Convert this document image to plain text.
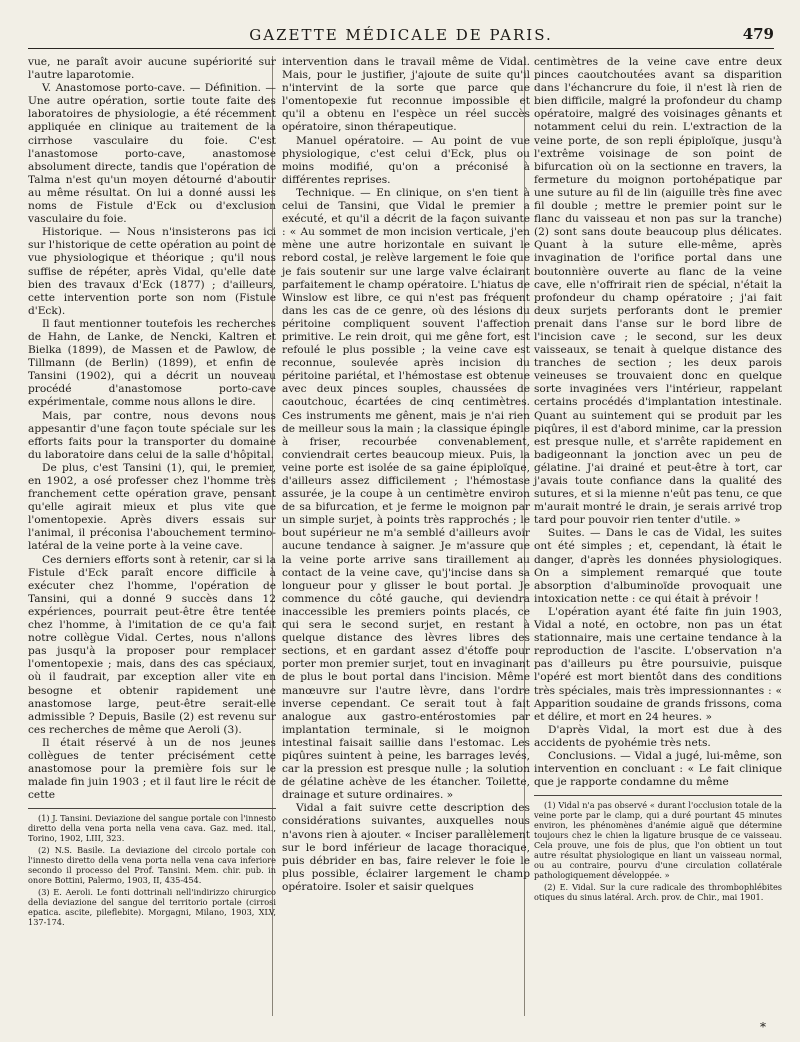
GAZETTE MÉDICALE DE PARIS.	479

vue, ne paraît avoir aucune supériorité sur l'autre laparotomie.

V. Anastomose porto-cave. — Définition. — Une autre opération, sortie toute faite des laboratoires de physiologie, a été récemment appliquée en clinique au traitement de la cirrhose vasculaire du foie. C'est l'anastomose porto-cave, anastomose absolument directe, tandis que l'opération de Talma n'est qu'un moyen détourné d'aboutir au même résultat. On lui a donné aussi les noms de Fistule d'Eck ou d'exclusion vasculaire du foie.

Historique. — Nous n'insisterons pas ici sur l'historique de cette opération au point de vue physiologique et théorique ; qu'il nous suffise de répéter, après Vidal, qu'elle date bien des travaux d'Eck (1877) ; d'ailleurs, cette intervention porte son nom (Fistule d'Eck).

Il faut mentionner toutefois les recherches de Hahn, de Lanke, de Nencki, Kaltren et Bielka (1899), de Massen et de Pawlow, de Tillmann (de Berlin) (1899), et enfin de Tansini (1902), qui a décrit un nouveau procédé d'anastomose porto-cave expérimentale, comme nous allons le dire.

Mais, par contre, nous devons nous appesantir d'une façon toute spéciale sur les efforts faits pour la transporter du domaine du laboratoire dans celui de la salle d'hôpital.

De plus, c'est Tansini (1), qui, le premier, en 1902, a osé professer chez l'homme très franchement cette opération grave, pensant qu'elle agirait mieux et plus vite que l'omentopexie. Après divers essais sur l'animal, il préconisa l'abouchement termino-latéral de la veine porte à la veine cave.

Ces derniers efforts sont à retenir, car si la Fistule d'Eck paraît encore difficile à exécuter chez l'homme, l'opération de Tansini, qui a donné 9 succès dans 12 expériences, pourrait peut-être être tentée chez l'homme, à l'imitation de ce qu'a fait notre collègue Vidal. Certes, nous n'allons pas jusqu'à la proposer pour remplacer l'omentopexie ; mais, dans des cas spéciaux, où il faudrait, par exception aller vite en besogne et obtenir rapidement une anastomose large, peut-être serait-elle admissible ? Depuis, Basile (2) est revenu sur ces recherches de même que Aeroli (3).

Il était réservé à un de nos jeunes collègues de tenter précisément cette anastomose pour la première fois sur le malade fin juin 1903 ; et il faut lire le récit de cette

(1) J. Tansini. Deviazione del sangue portale con l'innesto diretto della vena porta nella vena cava. Gaz. med. ital., Torino, 1902, LIII, 323.

(2) N.S. Basile. La deviazione del circolo portale con l'innesto diretto della vena porta nella vena cava inferiore secondo il processo del Prof. Tansini. Mem. chir. pub. in onore Bottini, Palermo, 1903, II, 435-454.

(3) E. Aeroli. Le fonti dottrinali nell'indirizzo chirurgico della deviazione del sangue del territorio portale (cirrosi epatica. ascite, pileflebite). Morgagni, Milano, 1903, XLV, 137-174.

intervention dans le travail même de Vidal. Mais, pour le justifier, j'ajoute de suite qu'il n'intervint de la sorte que parce que l'omentopexie fut reconnue impossible et qu'il a obtenu en l'espèce un réel succès opératoire, sinon thérapeutique.

Manuel opératoire. — Au point de vue physiologique, c'est celui d'Eck, plus ou moins modifié, qu'on a préconisé à différentes reprises.

Technique. — En clinique, on s'en tient à celui de Tansini, que Vidal le premier a exécuté, et qu'il a décrit de la façon suivante : « Au sommet de mon incision verticale, j'en mène une autre horizontale en suivant le rebord costal, je relève largement le foie que je fais soutenir sur une large valve éclairant parfaitement le champ opératoire. L'hiatus de Winslow est libre, ce qui n'est pas fréquent dans les cas de ce genre, où des lésions du péritoine compliquent souvent l'affection primitive. Le rein droit, qui me gêne fort, est refoulé le plus possible ; la veine cave est reconnue, soulevée après incision du péritoine pariétal, et l'hémostase est obtenue avec deux pinces souples, chaussées de caoutchouc, écartées de cinq centimètres. Ces instruments me gênent, mais je n'ai rien de meilleur sous la main ; la classique épingle à friser, recourbée convenablement, conviendrait certes beaucoup mieux. Puis, la veine porte est isolée de sa gaine épiploïque, d'ailleurs assez difficilement ; l'hémostase assurée, je la coupe à un centimètre environ de sa bifurcation, et je ferme le moignon par un simple surjet, à points très rapprochés ; le bout supérieur ne m'a semblé d'ailleurs avoir aucune tendance à saigner. Je m'assure que la veine porte arrive sans tiraillement au contact de la veine cave, qu'j'incise dans sa longueur pour y glisser le bout portal. Je commence du côté gauche, qui deviendra inaccessible les premiers points placés, ce qui sera le second surjet, en restant à quelque distance des lèvres libres des sections, et en gardant assez d'étoffe pour porter mon premier surjet, tout en invaginant de plus le bout portal dans l'incision. Même manœuvre sur l'autre lèvre, dans l'ordre inverse cependant. Ce serait tout à fait analogue aux gastro-entérostomies par implantation terminale, si le moignon intestinal faisait saillie dans l'estomac. Les piqûres suintent à peine, les barrages levés, car la pression est presque nulle ; la solution de gélatine achève de les étancher. Toilette, drainage et suture ordinaires. »

Vidal a fait suivre cette description des considérations suivantes, auxquelles nous n'avons rien à ajouter. « Inciser parallèlement sur le bord inférieur de lacage thoracique, puis débrider en bas, faire relever le foie le plus possible, éclairer largement le champ opératoire. Isoler et saisir quelques

centimètres de la veine cave entre deux pinces caoutchoutées avant sa disparition dans l'échancrure du foie, il n'est là rien de bien difficile, malgré la profondeur du champ opératoire, malgré des voisinages gênants et notamment celui du rein. L'extraction de la veine porte, de son repli épiploïque, jusqu'à l'extrême voisinage de son point de bifurcation où on la sectionne en travers, la fermeture du moignon portohépatique par une suture au fil de lin (aiguille très fine avec fil double ; mettre le premier point sur le flanc du vaisseau et non pas sur la tranche) (2) sont sans doute beaucoup plus délicates. Quant à la suture elle-même, après invagination de l'orifice portal dans une boutonnière ouverte au flanc de la veine cave, elle n'offrirait rien de spécial, n'était la profondeur du champ opératoire ; j'ai fait deux surjets perforants dont le premier prenait dans l'anse sur le bord libre de l'incision cave ; le second, sur les deux vaisseaux, se tenait à quelque distance des tranches de section ; les deux parois veineuses se trouvaient donc en quelque sorte invaginées vers l'intérieur, rappelant certains procédés d'implantation intestinale. Quant au suintement qui se produit par les piqûres, il est d'abord minime, car la pression est presque nulle, et s'arrête rapidement en badigeonnant la jonction avec un peu de gélatine. J'ai drainé et peut-être à tort, car j'avais toute confiance dans la qualité des sutures, et si la mienne n'eût pas tenu, ce que m'aurait montré le drain, je serais arrivé trop tard pour pouvoir rien tenter d'utile. »

Suites. — Dans le cas de Vidal, les suites ont été simples ; et, cependant, là était le danger, d'après les données physiologiques. On a simplement remarqué que toute absorption d'albuminoïde provoquait une intoxication nette : ce qui était à prévoir !

L'opération ayant été faite fin juin 1903, Vidal a noté, en octobre, non pas un état stationnaire, mais une certaine tendance à la reproduction de l'ascite. L'observation n'a pas d'ailleurs pu être poursuivie, puisque l'opéré est mort bientôt dans des conditions très spéciales, mais très impressionnantes : « Apparition soudaine de grands frissons, coma et délire, et mort en 24 heures. »

D'après Vidal, la mort est due à des accidents de pyohémie très nets.

Conclusions. — Vidal a jugé, lui-même, son intervention en concluant : « Le fait clinique que je rapporte condamne du même

(1) Vidal n'a pas observé « durant l'occlusion totale de la veine porte par le clamp, qui a duré pourtant 45 minutes environ, les phénomènes d'anémie aiguë que détermine toujours chez le chien la ligature brusque de ce vaisseau. Cela prouve, une fois de plus, que l'on obtient un tout autre résultat physiologique en liant un vaisseau normal, ou au contraire, pourvu d'une circulation collatérale pathologiquement développée. »

(2) E. Vidal. Sur la cure radicale des thrombophlébites otiques du sinus latéral. Arch. prov. de Chir., mai 1901.

*
